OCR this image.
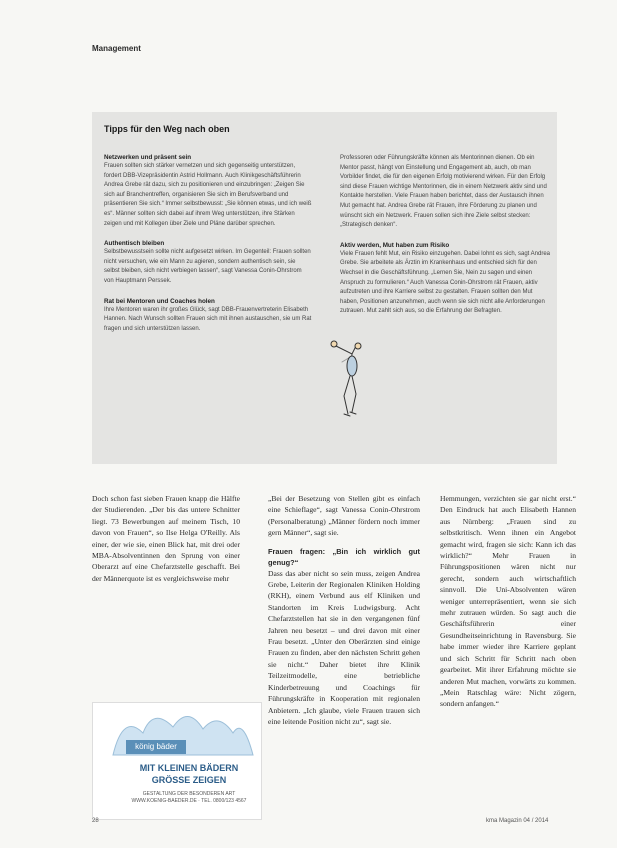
Management
Tipps für den Weg nach oben
Netzwerken und präsent sein

Frauen sollten sich stärker vernetzen und sich gegenseitig unterstützen, fordert DBB-Vizepräsidentin Astrid Hollmann. Auch Klinikgeschäftsführerin Andrea Grebe rät dazu, sich zu positionieren und einzubringen: „Zeigen Sie sich auf Branchentreffen, organisieren Sie sich im Berufsverband und präsentieren Sie sich.“ Immer selbstbewusst: „Sie können etwas, und ich weiß es“. Männer sollten sich dabei auf ihrem Weg unterstützen, ihre Stärken zeigen und mit Kollegen über Ziele und Pläne darüber sprechen.

Authentisch bleiben

Selbstbewusstsein sollte nicht aufgesetzt wirken. Im Gegenteil: Frauen sollten nicht versuchen, wie ein Mann zu agieren, sondern authentisch sein, sie selbst bleiben, sich nicht verbiegen lassen“, sagt Vanessa Conin-Ohrstrom von Hauptmann Perssek.

Rat bei Mentoren und Coaches holen

Ihre Mentoren waren ihr großes Glück, sagt DBB-Frauenvertreterin Elisabeth Hannen. Nach Wunsch sollten Frauen sich mit ihnen austauschen, sie um Rat fragen und sich unterstützen lassen.

Professoren oder Führungskräfte können als Mentorinnen dienen. Ob ein Mentor passt, hängt von Einstellung und Engagement ab, auch, ob man Vorbilder findet, die für den eigenen Erfolg motivierend wirken. Für den Erfolg sind diese Frauen wichtige Mentorinnen, die in einem Netzwerk aktiv sind und Kontakte herstellen. Viele Frauen haben berichtet, dass der Austausch ihnen Mut gemacht hat. Andrea Grebe rät Frauen, ihre Förderung zu planen und wünscht sich ein Netzwerk. Frauen sollen sich ihre Ziele selbst stecken: „Strategisch denken“.

Aktiv werden, Mut haben zum Risiko

Viele Frauen fehlt Mut, ein Risiko einzugehen. Dabei lohnt es sich, sagt Andrea Grebe. Sie arbeitete als Ärztin im Krankenhaus und entschied sich für den Wechsel in die Geschäftsführung. „Lernen Sie, Nein zu sagen und einen Anspruch zu formulieren.“ Auch Vanessa Conin-Ohrstrom rät Frauen, aktiv aufzutreten und ihre Karriere selbst zu gestalten. Frauen sollten den Mut haben, Positionen anzunehmen, auch wenn sie sich nicht alle Anforderungen zutrauen. Mut zahlt sich aus, so die Erfahrung der Befragten.

Doch schon fast sieben Frauen knapp die Hälfte der Studierenden. „Der bis das untere Schnitter liegt. 73 Bewerbungen auf meinem Tisch, 10 davon von Frauen“, so Ilse Helga O'Reilly. Als einer, der wie sie, einen Blick hat, mit drei oder MBA-Absolventinnen den Sprung von einer Oberarzt auf eine Chefarztstelle geschafft. Bei der Männerquote ist es vergleichsweise mehr

„Bei der Besetzung von Stellen gibt es einfach eine Schieflage“, sagt Vanessa Conin-Ohrstrom (Personalberatung) „Männer fördern noch immer gern Männer“, sagt sie.

Frauen fragen: „Bin ich wirklich gut genug?“

Dass das aber nicht so sein muss, zeigen Andrea Grebe, Leiterin der Regionalen Kliniken Holding (RKH), einem Verbund aus elf Kliniken und Standorten im Kreis Ludwigsburg. Acht Chefarztstellen hat sie in den vergangenen fünf Jahren neu besetzt – und drei davon mit einer Frau besetzt. „Unter den Oberärzten sind einige Frauen zu finden, aber den nächsten Schritt gehen sie nicht.“ Daher bietet ihre Klinik Teilzeitmodelle, eine betriebliche Kinderbetreuung und Coachings für Führungskräfte in Kooperation mit regionalen Anbietern. „Ich glaube, viele Frauen trauen sich eine leitende Position nicht zu“, sagt sie.

Hemmungen, verzichten sie gar nicht erst.“ Den Eindruck hat auch Elisabeth Hannen aus Nürnberg: „Frauen sind zu selbstkritisch. Wenn ihnen ein Angebot gemacht wird, fragen sie sich: Kann ich das wirklich?“ Mehr Frauen in Führungspositionen wären nicht nur gerecht, sondern auch wirtschaftlich sinnvoll. Die Uni-Absolventen wären weniger unterrepräsentiert, wenn sie sich mehr zutrauen würden. So sagt auch die Geschäftsführerin einer Gesundheitseinrichtung in Ravensburg. Sie habe immer wieder ihre Karriere geplant und sich Schritt für Schritt nach oben gearbeitet. Mit ihrer Erfahrung möchte sie anderen Mut machen, vorwärts zu kommen. „Mein Ratschlag wäre: Nicht zögern, sondern anfangen.“

könig bäder
MIT KLEINEN BÄDERN
GRÖSSE ZEIGEN
GESTALTUNG DER BESONDEREN ART
WWW.KOENIG-BAEDER.DE · TEL. 0800/123 4567
28	kma Magazin 04 / 2014
